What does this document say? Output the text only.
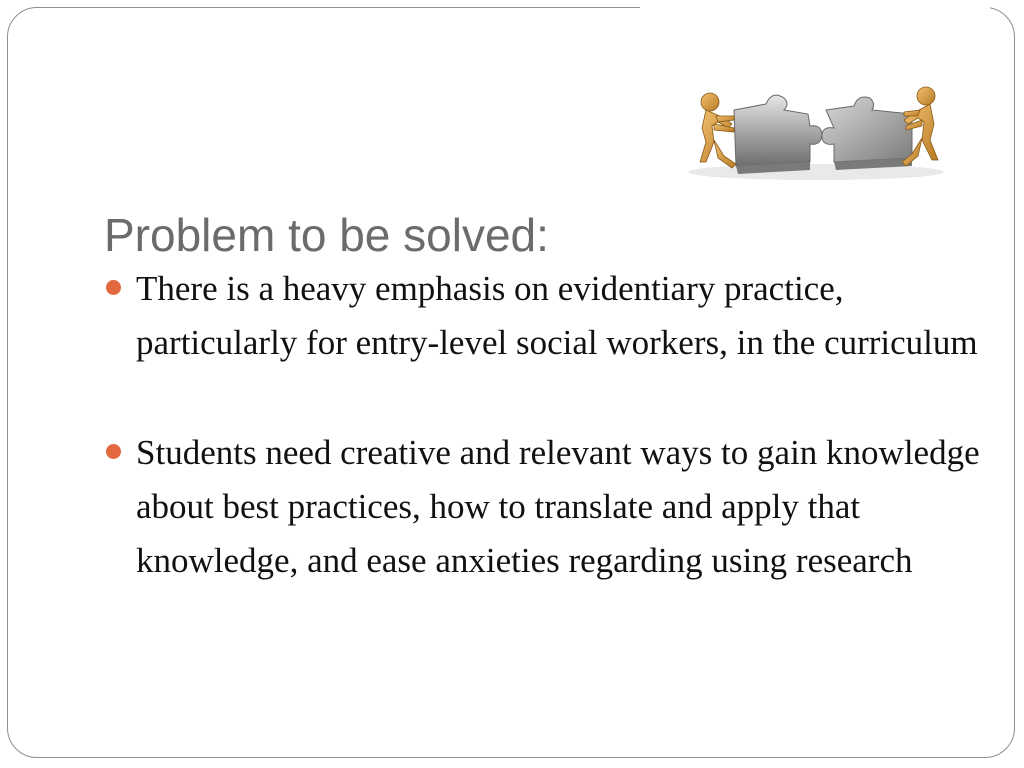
Problem to be solved:
There is a heavy emphasis on evidentiary practice, particularly for entry-level social workers, in the curriculum
Students need creative and relevant ways to gain knowledge about best practices, how to translate and apply that knowledge, and ease anxieties regarding using research
